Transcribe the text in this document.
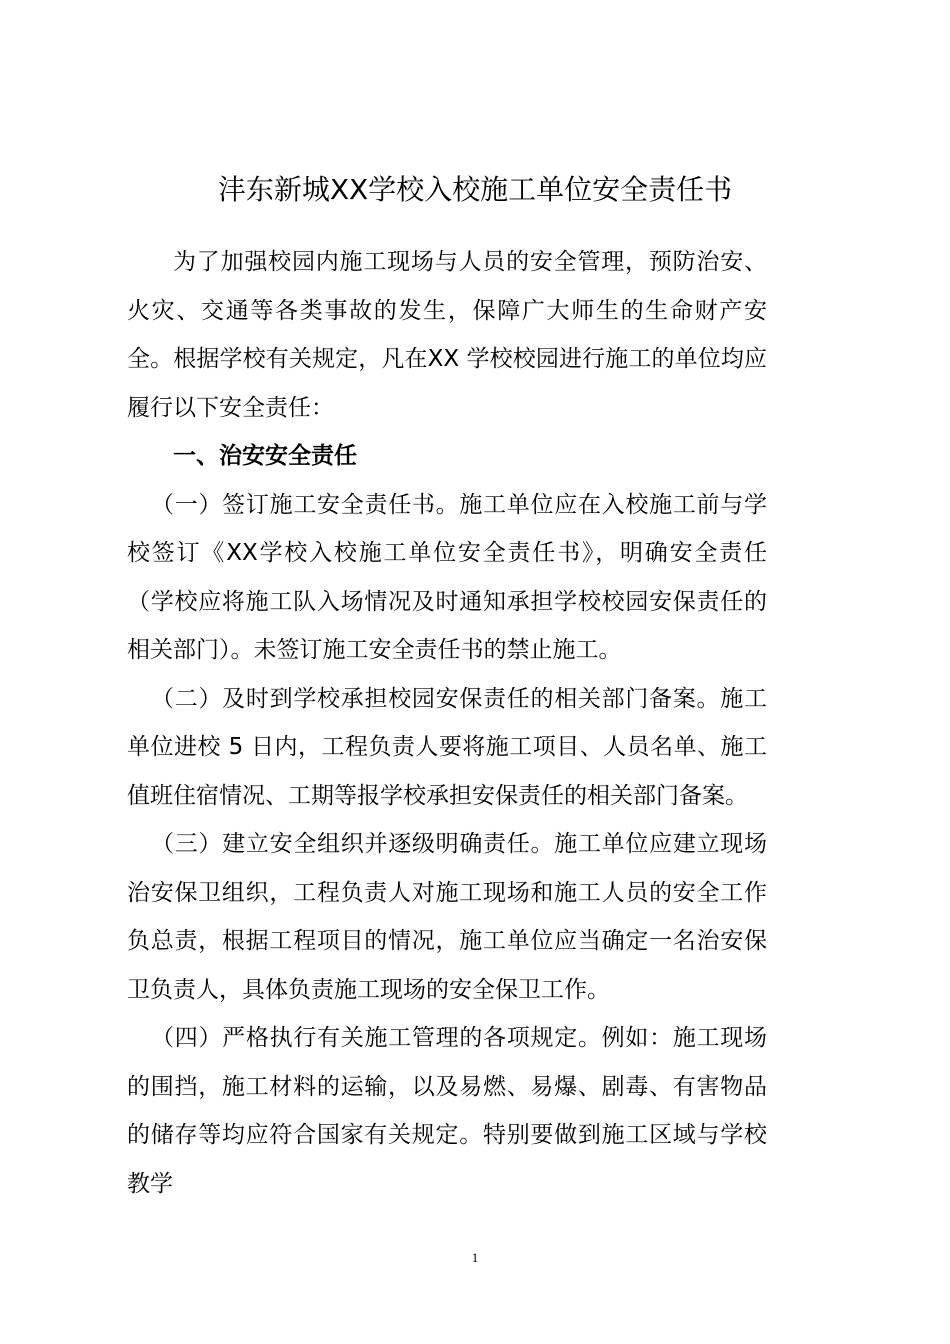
沣东新城XX学校入校施工单位安全责任书

为了加强校园内施工现场与人员的安全管理，预防治安、火灾、交通等各类事故的发生，保障广大师生的生命财产安全。根据学校有关规定，凡在XX 学校校园进行施工的单位均应履行以下安全责任：

一、治安安全责任

（一）签订施工安全责任书。施工单位应在入校施工前与学校签订《XX学校入校施工单位安全责任书》，明确安全责任（学校应将施工队入场情况及时通知承担学校校园安保责任的相关部门）。未签订施工安全责任书的禁止施工。

（二）及时到学校承担校园安保责任的相关部门备案。施工单位进校 5 日内，工程负责人要将施工项目、人员名单、施工值班住宿情况、工期等报学校承担安保责任的相关部门备案。

（三）建立安全组织并逐级明确责任。施工单位应建立现场治安保卫组织，工程负责人对施工现场和施工人员的安全工作负总责，根据工程项目的情况，施工单位应当确定一名治安保卫负责人，具体负责施工现场的安全保卫工作。

（四）严格执行有关施工管理的各项规定。例如：施工现场的围挡，施工材料的运输，以及易燃、易爆、剧毒、有害物品的储存等均应符合国家有关规定。特别要做到施工区域与学校教学

1
